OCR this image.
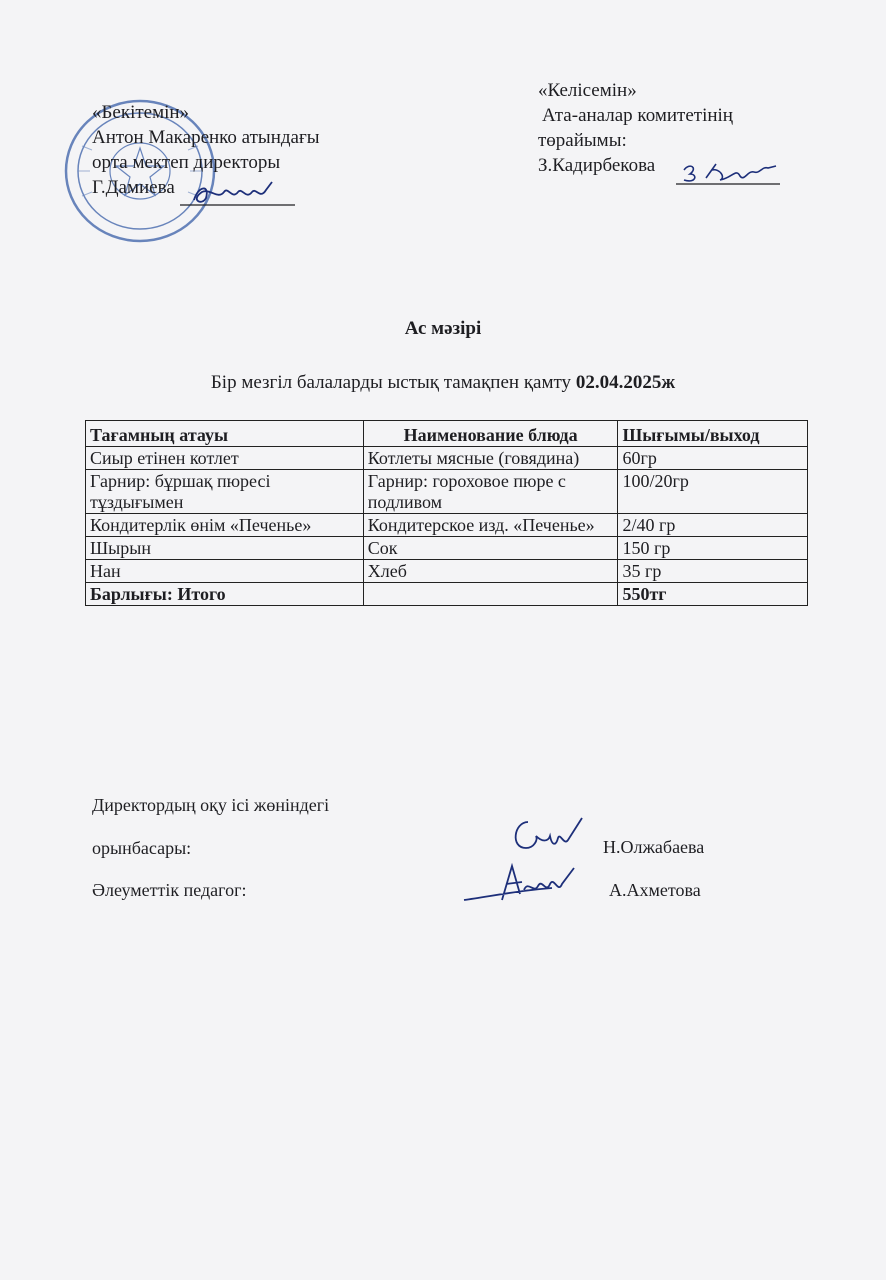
«Бекітемін»
Антон Макаренко атындағы
орта мектеп директоры
Г.Дамиева
«Келісемін»
Ата-аналар комитетінің
төрайымы:
З.Кадирбекова
Ас мәзірі
Бір мезгіл балаларды ыстық тамақпен қамту 02.04.2025ж
Тағамның атауы	Наименование блюда	Шығымы/выход
Сиыр етінен котлет	Котлеты мясные (говядина)	60гр
Гарнир: бұршақ пюресі тұздығымен	Гарнир: гороховое пюре с подливом	100/20гр
Кондитерлік өнім «Печенье»	Кондитерское изд. «Печенье»	2/40 гр
Шырын	Сок	150 гр
Нан	Хлеб	35 гр
Барлығы: Итого		550тг
Директордың оқу ісі жөніндегі
орынбасары:
Әлеуметтік педагог:
Н.Олжабаева
А.Ахметова
